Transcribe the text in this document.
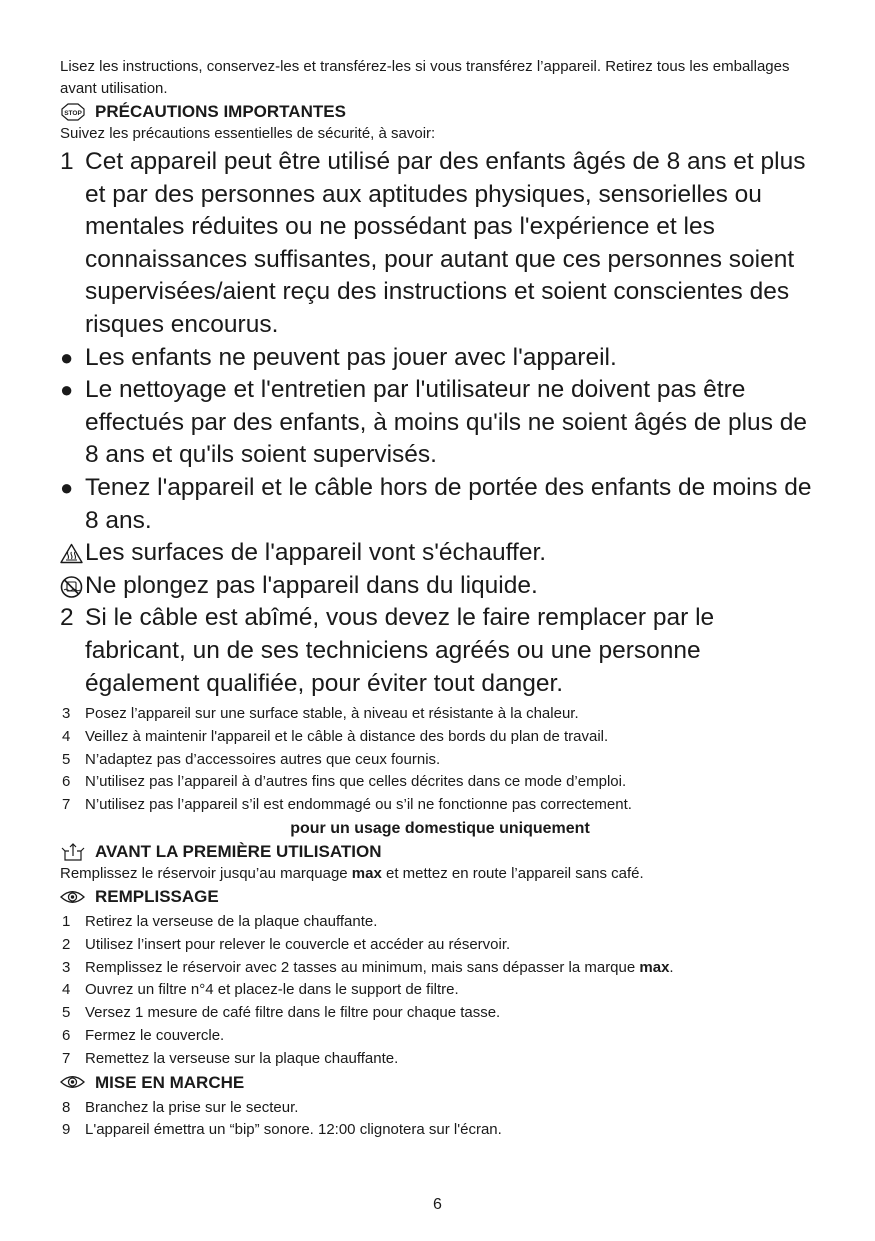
Lisez les instructions, conservez-les et transférez-les si vous transférez l’appareil. Retirez tous les emballages avant utilisation.
STOP PRÉCAUTIONS IMPORTANTES
Suivez les précautions essentielles de sécurité, à savoir:
1 Cet appareil peut être utilisé par des enfants âgés de 8 ans et plus et par des personnes aux aptitudes physiques, sensorielles ou mentales réduites ou ne possédant pas l'expérience et les connaissances suffisantes, pour autant que ces personnes soient supervisées/aient reçu des instructions et soient conscientes des risques encourus.
● Les enfants ne peuvent pas jouer avec l'appareil.
● Le nettoyage et l'entretien par l'utilisateur ne doivent pas être effectués par des enfants, à moins qu'ils ne soient âgés de plus de 8 ans et qu'ils soient supervisés.
● Tenez l'appareil et le câble hors de portée des enfants de moins de 8 ans.
Les surfaces de l'appareil vont s'échauffer.
Ne plongez pas l'appareil dans du liquide.
2 Si le câble est abîmé, vous devez le faire remplacer par le fabricant, un de ses techniciens agréés ou une personne également qualifiée, pour éviter tout danger.
3 Posez l’appareil sur une surface stable, à niveau et résistante à la chaleur.
4 Veillez à maintenir l'appareil et le câble à distance des bords du plan de travail.
5 N’adaptez pas d’accessoires autres que ceux fournis.
6 N’utilisez pas l’appareil à d’autres fins que celles décrites dans ce mode d’emploi.
7 N’utilisez pas l’appareil s’il est endommagé ou s’il ne fonctionne pas correctement.
pour un usage domestique uniquement
AVANT LA PREMIÈRE UTILISATION
Remplissez le réservoir jusqu’au marquage max et mettez en route l’appareil sans café.
REMPLISSAGE
1 Retirez la verseuse de la plaque chauffante.
2 Utilisez l’insert pour relever le couvercle et accéder au réservoir.
3 Remplissez le réservoir avec 2 tasses au minimum, mais sans dépasser la marque max.
4 Ouvrez un filtre n°4 et placez-le dans le support de filtre.
5 Versez 1 mesure de café filtre dans le filtre pour chaque tasse.
6 Fermez le couvercle.
7 Remettez la verseuse sur la plaque chauffante.
MISE EN MARCHE
8 Branchez la prise sur le secteur.
9 L'appareil émettra un “bip” sonore. 12:00 clignotera sur l'écran.
6
